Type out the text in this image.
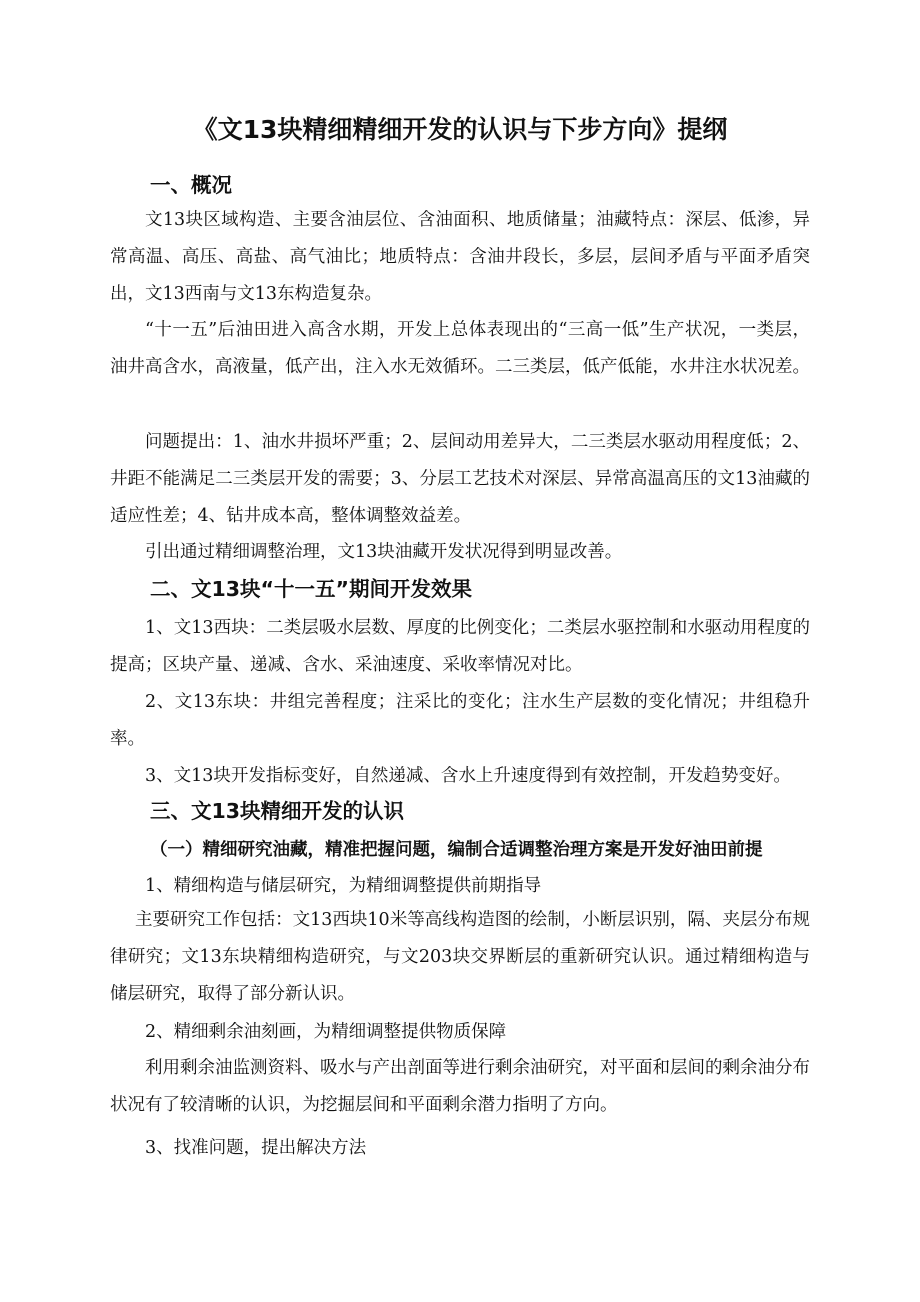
《文13块精细精细开发的认识与下步方向》提纲
一、概况
文13块区域构造、主要含油层位、含油面积、地质储量；油藏特点：深层、低渗，异常高温、高压、高盐、高气油比；地质特点：含油井段长，多层，层间矛盾与平面矛盾突出，文13西南与文13东构造复杂。
“十一五”后油田进入高含水期，开发上总体表现出的“三高一低”生产状况，一类层，油井高含水，高液量，低产出，注入水无效循环。二三类层，低产低能，水井注水状况差。
问题提出：1、油水井损坏严重；2、层间动用差异大，二三类层水驱动用程度低；2、井距不能满足二三类层开发的需要；3、分层工艺技术对深层、异常高温高压的文13油藏的适应性差；4、钻井成本高，整体调整效益差。
引出通过精细调整治理，文13块油藏开发状况得到明显改善。
二、文13块“十一五”期间开发效果
1、文13西块：二类层吸水层数、厚度的比例变化；二类层水驱控制和水驱动用程度的提高；区块产量、递减、含水、采油速度、采收率情况对比。
2、文13东块：井组完善程度；注采比的变化；注水生产层数的变化情况；井组稳升率。
3、文13块开发指标变好，自然递减、含水上升速度得到有效控制，开发趋势变好。
三、文13块精细开发的认识
（一）精细研究油藏，精准把握问题，编制合适调整治理方案是开发好油田前提
1、精细构造与储层研究，为精细调整提供前期指导
主要研究工作包括：文13西块10米等高线构造图的绘制，小断层识别，隔、夹层分布规律研究；文13东块精细构造研究，与文203块交界断层的重新研究认识。通过精细构造与储层研究，取得了部分新认识。
2、精细剩余油刻画，为精细调整提供物质保障
利用剩余油监测资料、吸水与产出剖面等进行剩余油研究，对平面和层间的剩余油分布状况有了较清晰的认识，为挖掘层间和平面剩余潜力指明了方向。
3、找准问题，提出解决方法
